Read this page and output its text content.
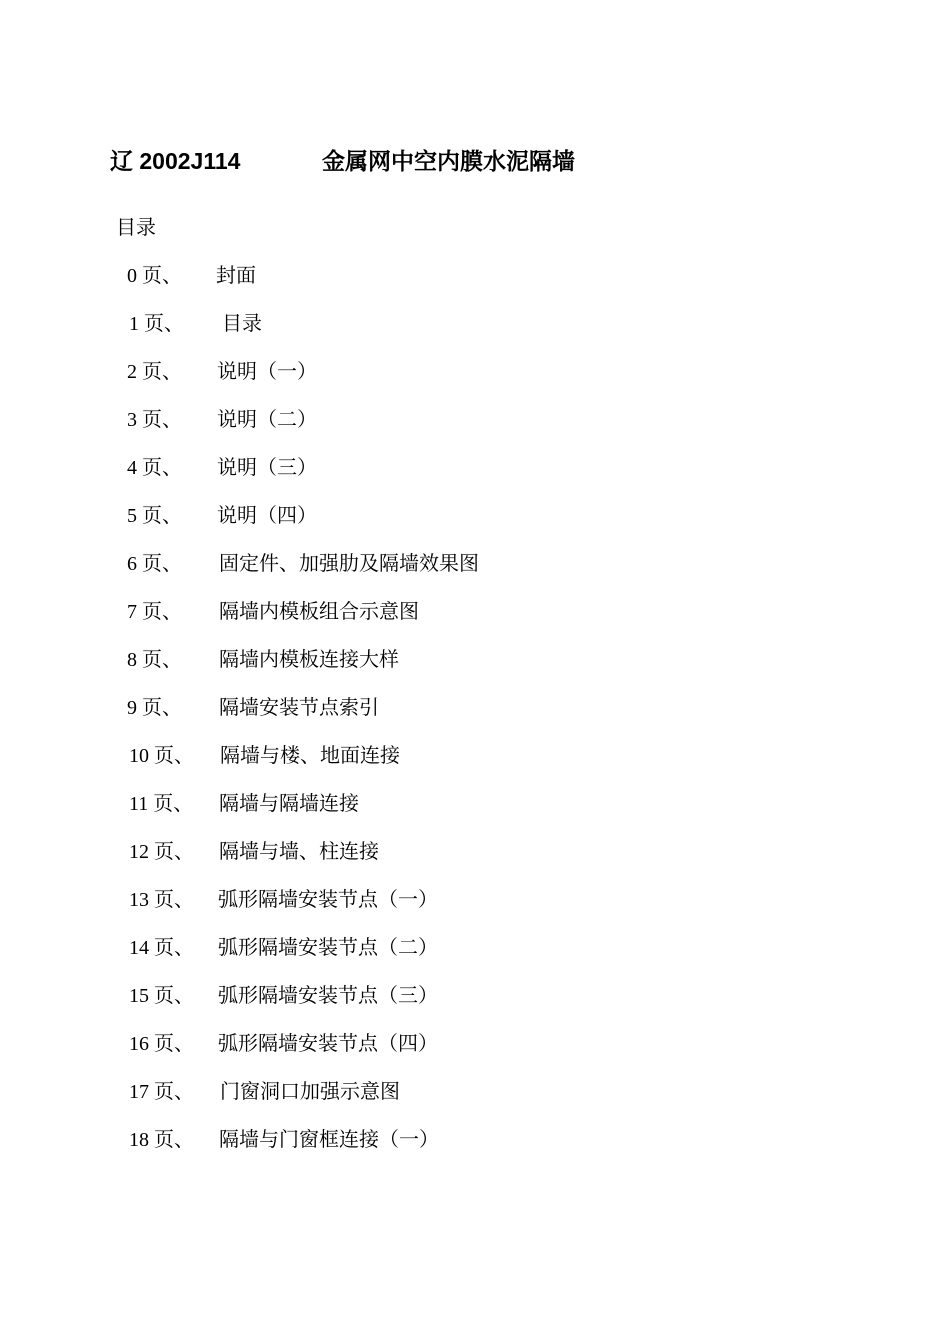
辽 2002J114	金属网中空内膜水泥隔墙
目录
0 页、 封面
1 页、 目录
2 页、 说明（一）
3 页、 说明（二）
4 页、 说明（三）
5 页、 说明（四）
6 页、 固定件、加强肋及隔墙效果图
7 页、 隔墙内模板组合示意图
8 页、 隔墙内模板连接大样
9 页、 隔墙安装节点索引
10 页、 隔墙与楼、地面连接
11 页、 隔墙与隔墙连接
12 页、 隔墙与墙、柱连接
13 页、 弧形隔墙安装节点（一）
14 页、 弧形隔墙安装节点（二）
15 页、 弧形隔墙安装节点（三）
16 页、 弧形隔墙安装节点（四）
17 页、 门窗洞口加强示意图
18 页、 隔墙与门窗框连接（一）
